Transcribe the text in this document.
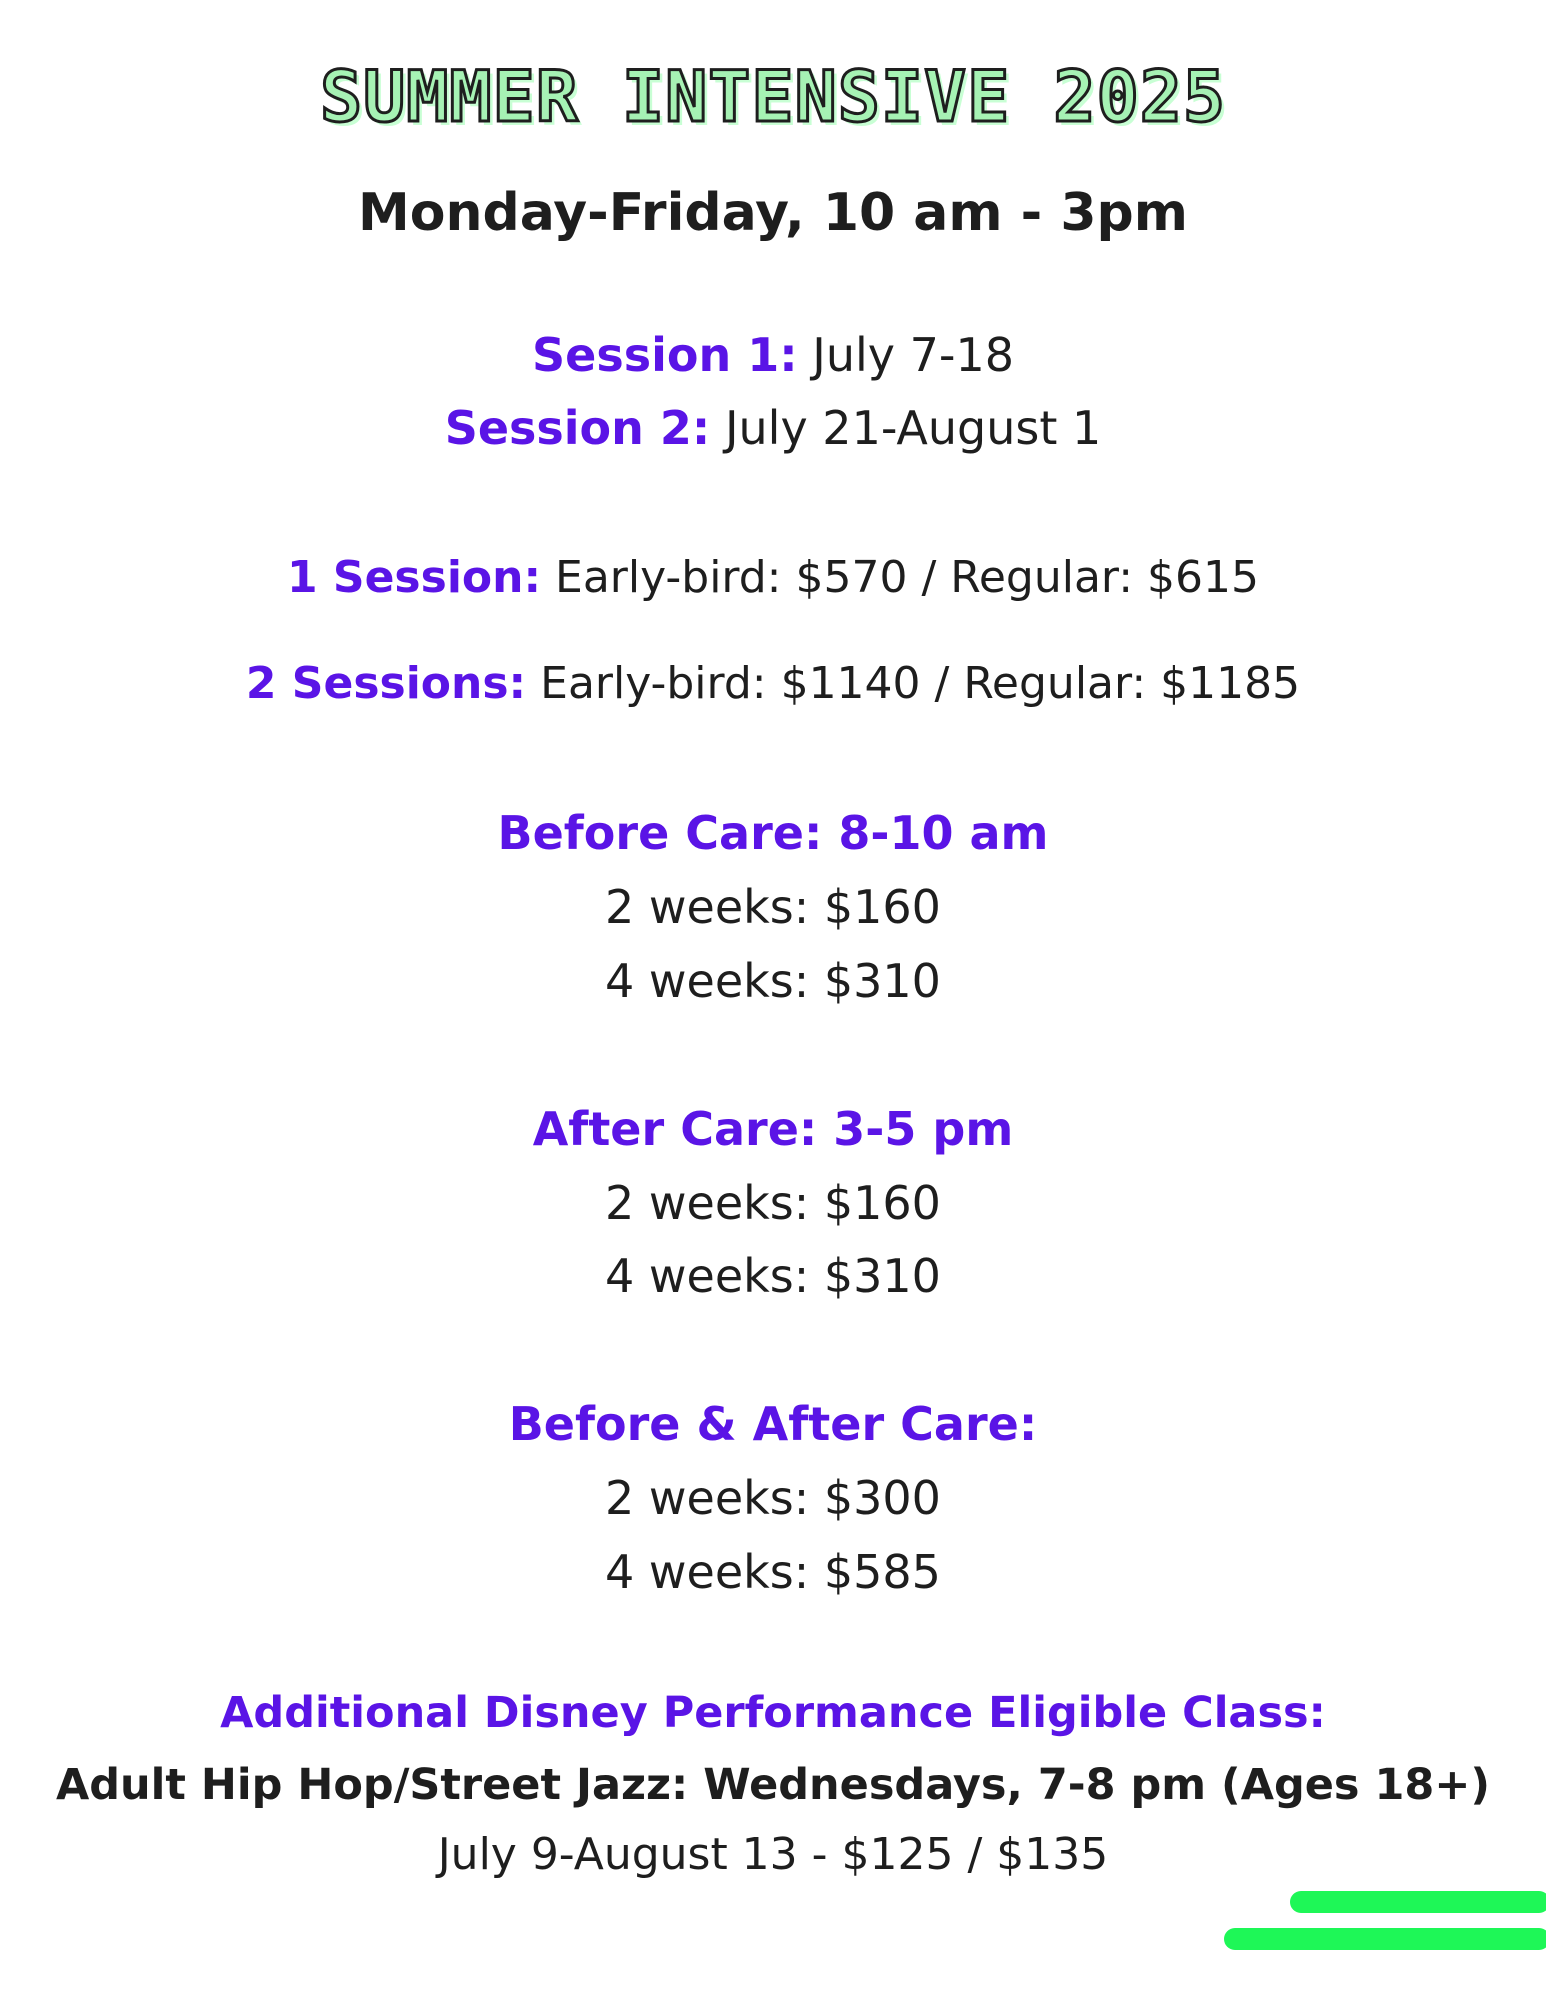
SUMMER INTENSIVE 2025
Monday-Friday, 10 am - 3pm
Session 1: July 7-18
Session 2: July 21-August 1
1 Session: Early-bird: $570 / Regular: $615
2 Sessions: Early-bird: $1140 / Regular: $1185
Before Care: 8-10 am
2 weeks: $160
4 weeks: $310
After Care: 3-5 pm
2 weeks: $160
4 weeks: $310
Before & After Care:
2 weeks: $300
4 weeks: $585
Additional Disney Performance Eligible Class:
Adult Hip Hop/Street Jazz: Wednesdays, 7-8 pm (Ages 18+)
July 9-August 13 - $125 / $135
